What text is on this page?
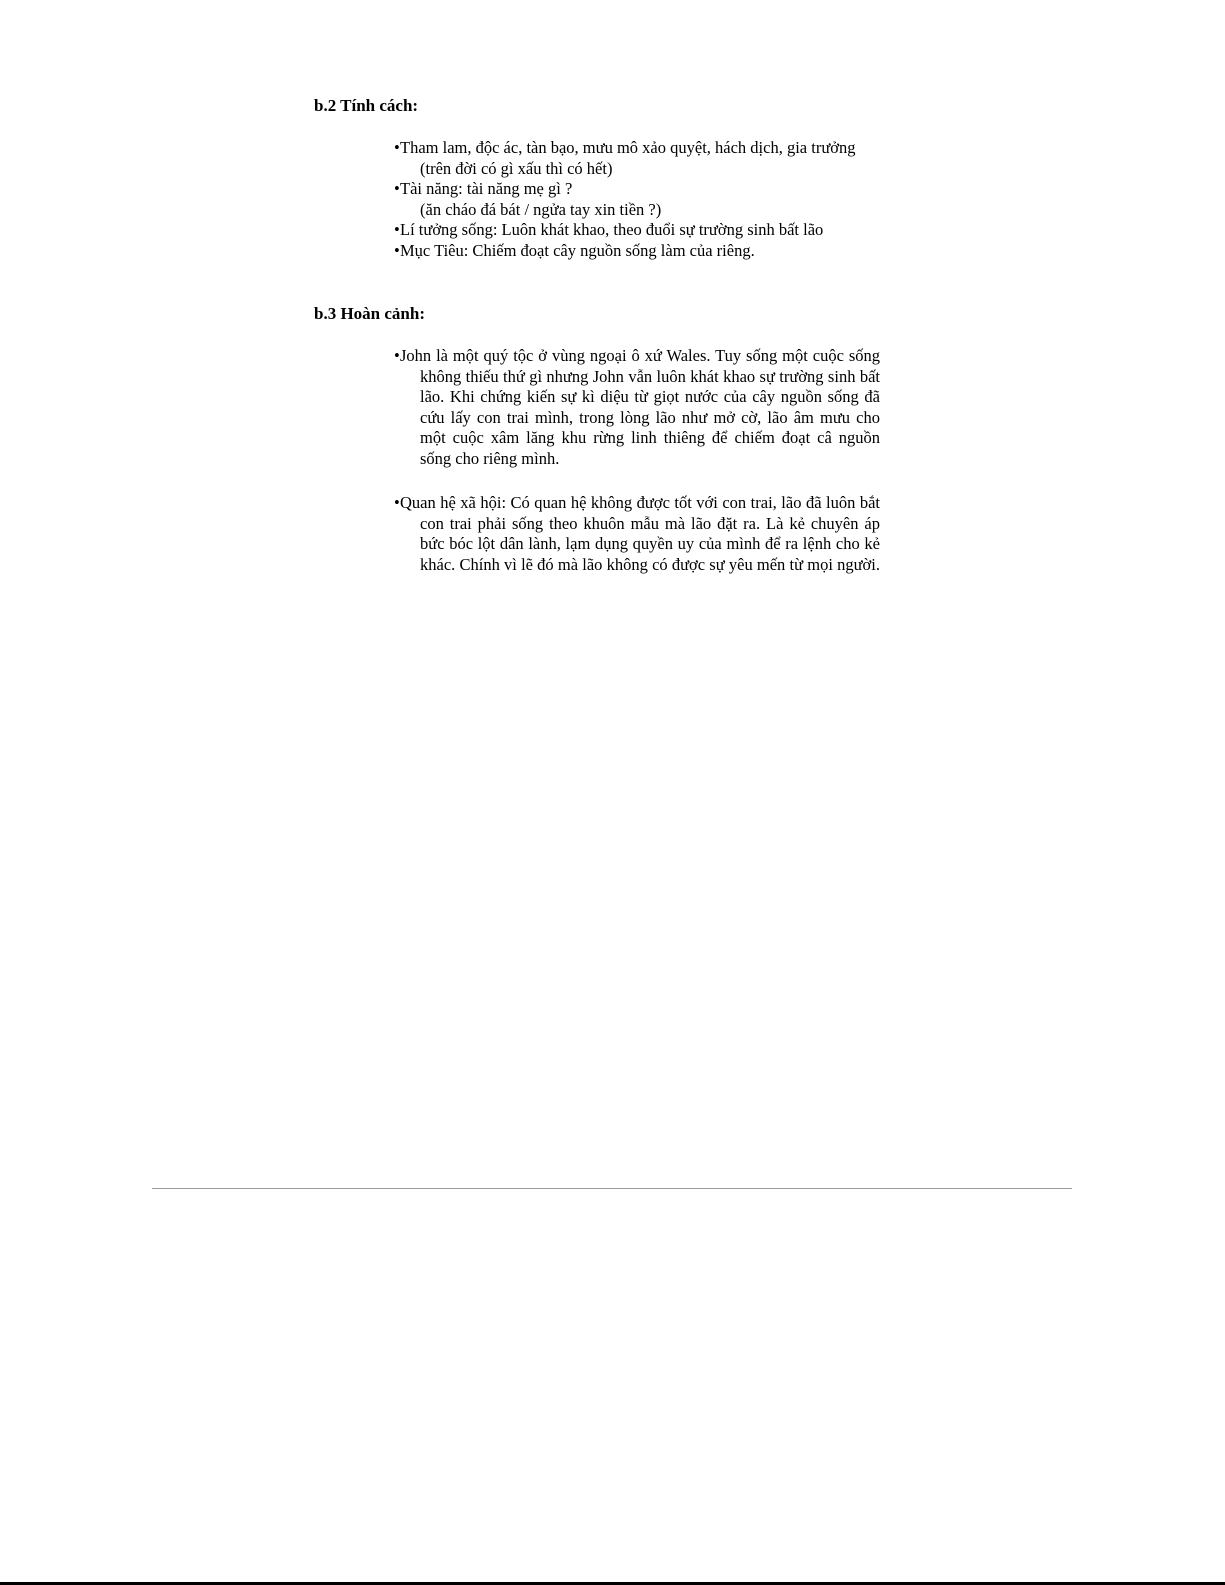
b.2 Tính cách:
•Tham lam, độc ác, tàn bạo, mưu mô xảo quyệt, hách dịch, gia trưởng (trên đời có gì xấu thì có hết)
•Tài năng: tài năng mẹ gì ?
(ăn cháo đá bát / ngửa tay xin tiền ?)
•Lí tưởng sống: Luôn khát khao, theo đuổi sự trường sinh bất lão
•Mục Tiêu: Chiếm đoạt cây nguồn sống làm của riêng.
b.3 Hoàn cảnh:
•John là một quý tộc ở vùng ngoại ô xứ Wales. Tuy sống một cuộc sống không thiếu thứ gì nhưng John vẫn luôn khát khao sự trường sinh bất lão. Khi chứng kiến sự kì diệu từ giọt nước của cây nguồn sống đã cứu lấy con trai mình, trong lòng lão như mở cờ, lão âm mưu cho một cuộc xâm lăng khu rừng linh thiêng để chiếm đoạt câ nguồn sống cho riêng mình.
•Quan hệ xã hội: Có quan hệ không được tốt với con trai, lão đã luôn bắt con trai phải sống theo khuôn mẫu mà lão đặt ra. Là kẻ chuyên áp bức bóc lột dân lành, lạm dụng quyền uy của mình để ra lệnh cho kẻ khác. Chính vì lẽ đó mà lão không có được sự yêu mến từ mọi người.
